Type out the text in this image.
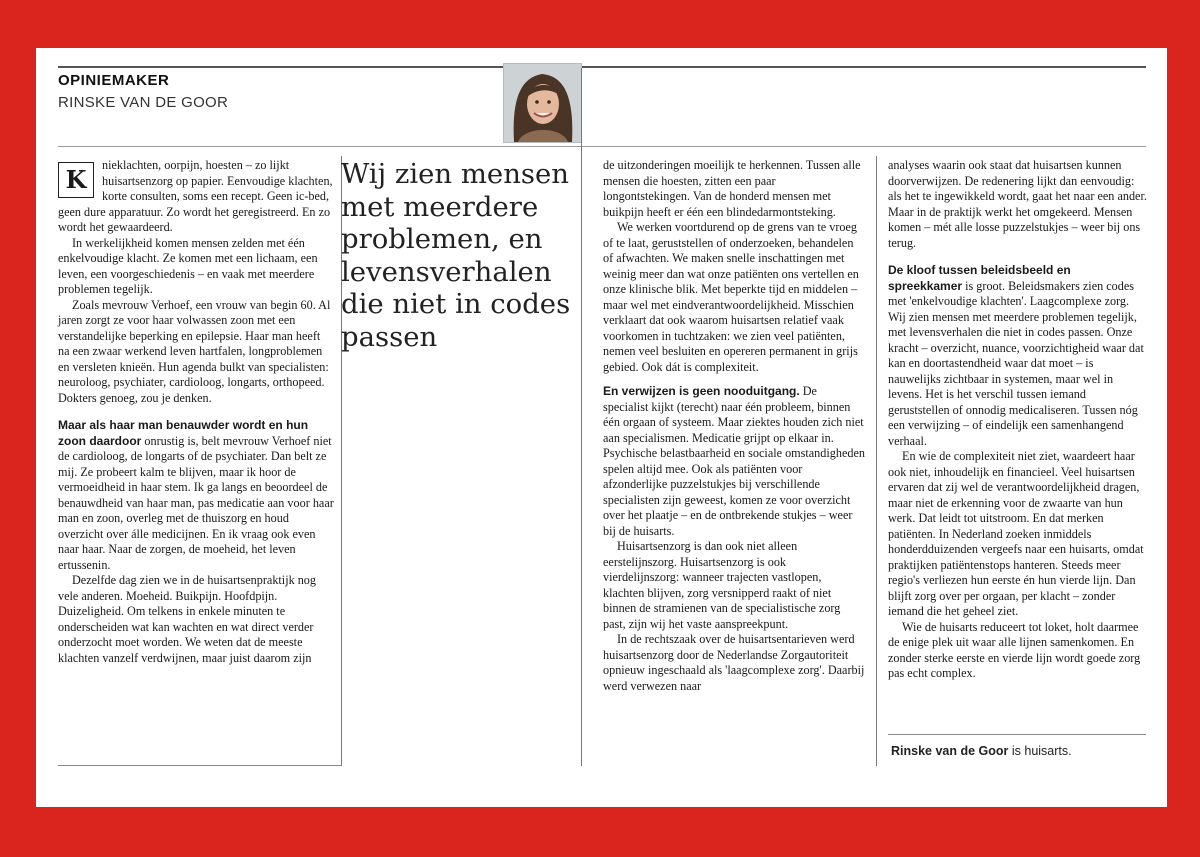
OPINIEMAKER
RINSKE VAN DE GOOR

K	nieklachten, oorpijn, hoesten – zo lijkt huisartsenzorg op papier. Eenvoudige klachten, korte consulten, soms een recept. Geen ic-bed, geen dure apparatuur. Zo wordt het geregistreerd. En zo wordt het gewaardeerd.

In werkelijkheid komen mensen zelden met één enkelvoudige klacht. Ze komen met een lichaam, een leven, een voorgeschiedenis – en vaak met meerdere problemen tegelijk.

Zoals mevrouw Verhoef, een vrouw van begin 60. Al jaren zorgt ze voor haar volwassen zoon met een verstandelijke beperking en epilepsie. Haar man heeft na een zwaar werkend leven hartfalen, longproblemen en versleten knieën. Hun agenda bulkt van specialisten: neuroloog, psychiater, cardioloog, longarts, orthopeed. Dokters genoeg, zou je denken.

Maar als haar man benauwder wordt en hun zoon daardoor onrustig is, belt mevrouw Verhoef niet de cardioloog, de longarts of de psychiater. Dan belt ze mij. Ze probeert kalm te blijven, maar ik hoor de vermoeidheid in haar stem. Ik ga langs en beoordeel de benauwdheid van haar man, pas medicatie aan voor haar man en zoon, overleg met de thuiszorg en houd overzicht over álle medicijnen. En ik vraag ook even naar haar. Naar de zorgen, de moeheid, het leven ertussenin.

Dezelfde dag zien we in de huisartsenpraktijk nog vele anderen. Moeheid. Buikpijn. Hoofdpijn. Duizeligheid. Om telkens in enkele minuten te onderscheiden wat kan wachten en wat direct verder onderzocht moet worden. We weten dat de meeste klachten vanzelf verdwijnen, maar juist daarom zijn

Wij zien mensen met meerdere problemen, en levensverhalen die niet in codes passen

de uitzonderingen moeilijk te herkennen. Tussen alle mensen die hoesten, zitten een paar longontstekingen. Van de honderd mensen met buikpijn heeft er één een blindedarmontsteking.

We werken voortdurend op de grens van te vroeg of te laat, geruststellen of onderzoeken, behandelen of afwachten. We maken snelle inschattingen met weinig meer dan wat onze patiënten ons vertellen en onze klinische blik. Met beperkte tijd en middelen – maar wel met eindverantwoordelijkheid. Misschien verklaart dat ook waarom huisartsen relatief vaak voorkomen in tuchtzaken: we zien veel patiënten, nemen veel besluiten en opereren permanent in grijs gebied. Ook dát is complexiteit.

En verwijzen is geen nooduitgang. De specialist kijkt (terecht) naar één probleem, binnen één orgaan of systeem. Maar ziektes houden zich niet aan specialismen. Medicatie grijpt op elkaar in. Psychische belastbaarheid en sociale omstandigheden spelen altijd mee. Ook als patiënten voor afzonderlijke puzzelstukjes bij verschillende specialisten zijn geweest, komen ze voor overzicht over het plaatje – en de ontbrekende stukjes – weer bij de huisarts.

Huisartsenzorg is dan ook niet alleen eerstelijnszorg. Huisartsenzorg is ook vierdelijnszorg: wanneer trajecten vastlopen, klachten blijven, zorg versnipperd raakt of niet binnen de stramienen van de specialistische zorg past, zijn wij het vaste aanspreekpunt.

In de rechtszaak over de huisartsentarieven werd huisartsenzorg door de Nederlandse Zorgautoriteit opnieuw ingeschaald als 'laagcomplexe zorg'. Daarbij werd verwezen naar

analyses waarin ook staat dat huisartsen kunnen doorverwijzen. De redenering lijkt dan eenvoudig: als het te ingewikkeld wordt, gaat het naar een ander. Maar in de praktijk werkt het omgekeerd. Mensen komen – mét alle losse puzzelstukjes – weer bij ons terug.

De kloof tussen beleidsbeeld en spreekkamer is groot. Beleidsmakers zien codes met 'enkelvoudige klachten'. Laagcomplexe zorg. Wij zien mensen met meerdere problemen tegelijk, met levensverhalen die niet in codes passen. Onze kracht – overzicht, nuance, voorzichtigheid waar dat kan en doortastendheid waar dat moet – is nauwelijks zichtbaar in systemen, maar wel in levens. Het is het verschil tussen iemand geruststellen of onnodig medicaliseren. Tussen nóg een verwijzing – of eindelijk een samenhangend verhaal.

En wie de complexiteit niet ziet, waardeert haar ook niet, inhoudelijk en financieel. Veel huisartsen ervaren dat zij wel de verantwoordelijkheid dragen, maar niet de erkenning voor de zwaarte van hun werk. Dat leidt tot uitstroom. En dat merken patiënten. In Nederland zoeken inmiddels honderdduizenden vergeefs naar een huisarts, omdat praktijken patiëntenstops hanteren. Steeds meer regio's verliezen hun eerste én hun vierde lijn. Dan blijft zorg over per orgaan, per klacht – zonder iemand die het geheel ziet.

Wie de huisarts reduceert tot loket, holt daarmee de enige plek uit waar alle lijnen samenkomen. En zonder sterke eerste en vierde lijn wordt goede zorg pas echt complex.

Rinske van de Goor is huisarts.
